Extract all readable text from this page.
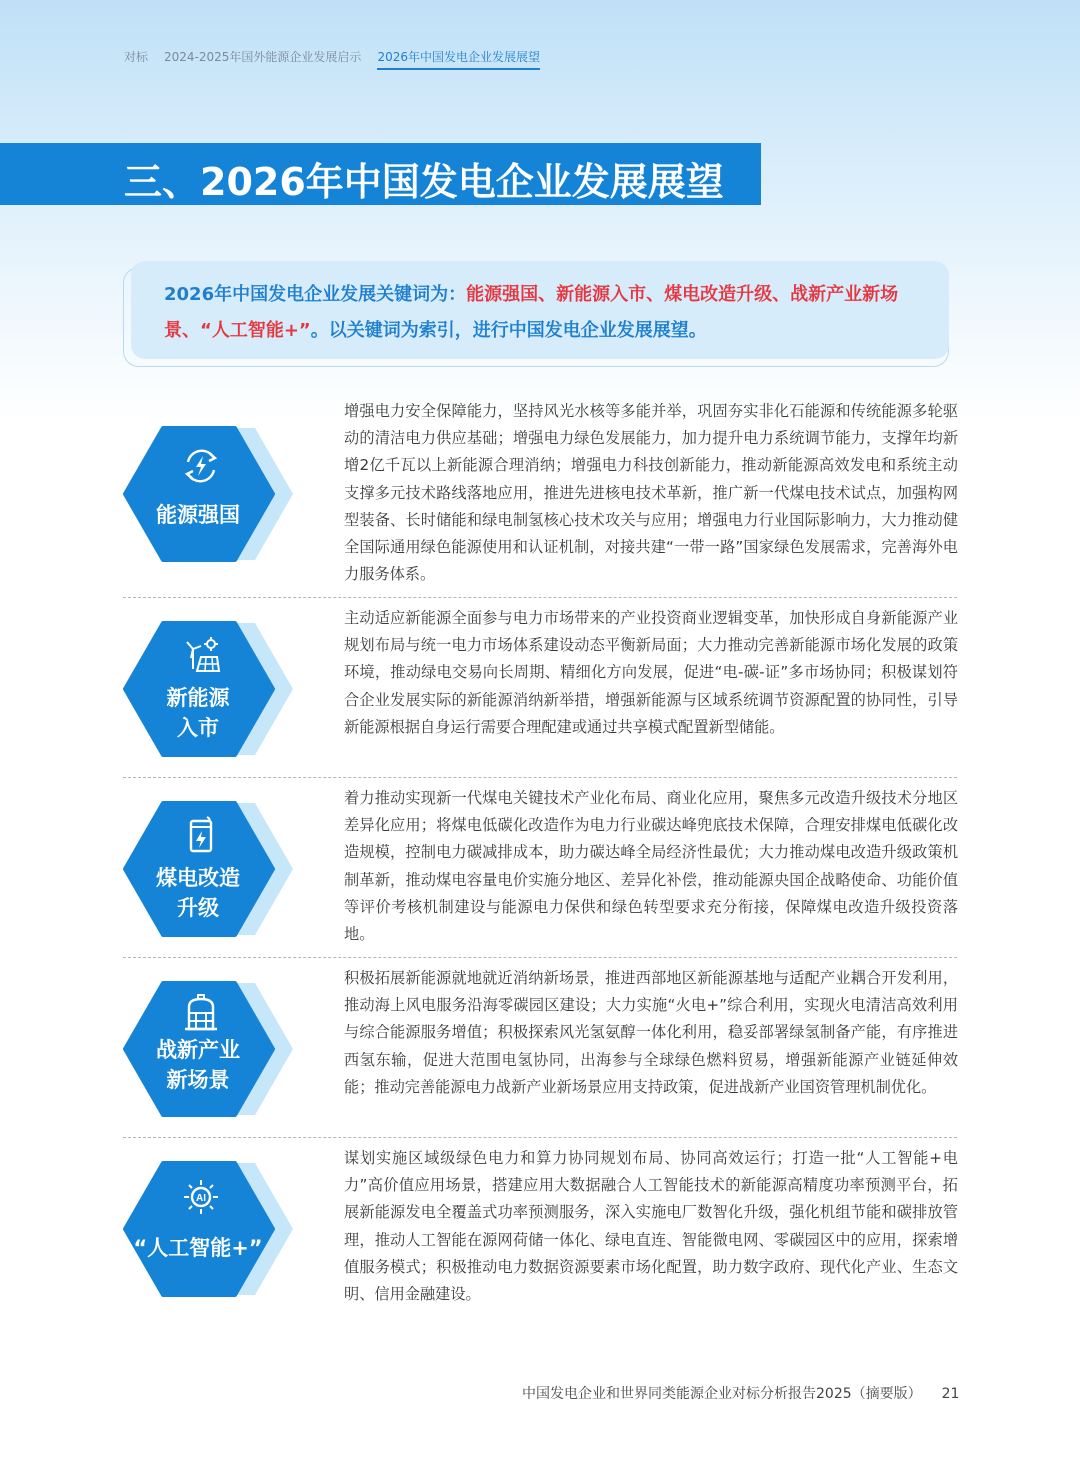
对标 2024-2025年国外能源企业发展启示 2026年中国发电企业发展展望
三、2026年中国发电企业发展展望

2026年中国发电企业发展关键词为：能源强国、新能源入市、煤电改造升级、战新产业新场景、“人工智能+”。以关键词为索引，进行中国发电企业发展展望。

能源强国

增强电力安全保障能力，坚持风光水核等多能并举，巩固夯实非化石能源和传统能源多轮驱动的清洁电力供应基础；增强电力绿色发展能力，加力提升电力系统调节能力，支撑年均新增2亿千瓦以上新能源合理消纳；增强电力科技创新能力，推动新能源高效发电和系统主动支撑多元技术路线落地应用，推进先进核电技术革新，推广新一代煤电技术试点，加强构网型装备、长时储能和绿电制氢核心技术攻关与应用；增强电力行业国际影响力，大力推动健全国际通用绿色能源使用和认证机制，对接共建“一带一路”国家绿色发展需求，完善海外电力服务体系。

新能源
入市

主动适应新能源全面参与电力市场带来的产业投资商业逻辑变革，加快形成自身新能源产业规划布局与统一电力市场体系建设动态平衡新局面；大力推动完善新能源市场化发展的政策环境，推动绿电交易向长周期、精细化方向发展，促进“电-碳-证”多市场协同；积极谋划符合企业发展实际的新能源消纳新举措，增强新能源与区域系统调节资源配置的协同性，引导新能源根据自身运行需要合理配建或通过共享模式配置新型储能。

煤电改造
升级

着力推动实现新一代煤电关键技术产业化布局、商业化应用，聚焦多元改造升级技术分地区差异化应用；将煤电低碳化改造作为电力行业碳达峰兜底技术保障，合理安排煤电低碳化改造规模，控制电力碳减排成本，助力碳达峰全局经济性最优；大力推动煤电改造升级政策机制革新，推动煤电容量电价实施分地区、差异化补偿，推动能源央国企战略使命、功能价值等评价考核机制建设与能源电力保供和绿色转型要求充分衔接，保障煤电改造升级投资落地。

战新产业
新场景

积极拓展新能源就地就近消纳新场景，推进西部地区新能源基地与适配产业耦合开发利用，推动海上风电服务沿海零碳园区建设；大力实施“火电+”综合利用，实现火电清洁高效利用与综合能源服务增值；积极探索风光氢氨醇一体化利用，稳妥部署绿氢制备产能，有序推进西氢东输，促进大范围电氢协同，出海参与全球绿色燃料贸易，增强新能源产业链延伸效能；推动完善能源电力战新产业新场景应用支持政策，促进战新产业国资管理机制优化。

AI
“人工智能+”

谋划实施区域级绿色电力和算力协同规划布局、协同高效运行；打造一批“人工智能+电力”高价值应用场景，搭建应用大数据融合人工智能技术的新能源高精度功率预测平台，拓展新能源发电全覆盖式功率预测服务，深入实施电厂数智化升级，强化机组节能和碳排放管理，推动人工智能在源网荷储一体化、绿电直连、智能微电网、零碳园区中的应用，探索增值服务模式；积极推动电力数据资源要素市场化配置，助力数字政府、现代化产业、生态文明、信用金融建设。

中国发电企业和世界同类能源企业对标分析报告2025（摘要版） 21
